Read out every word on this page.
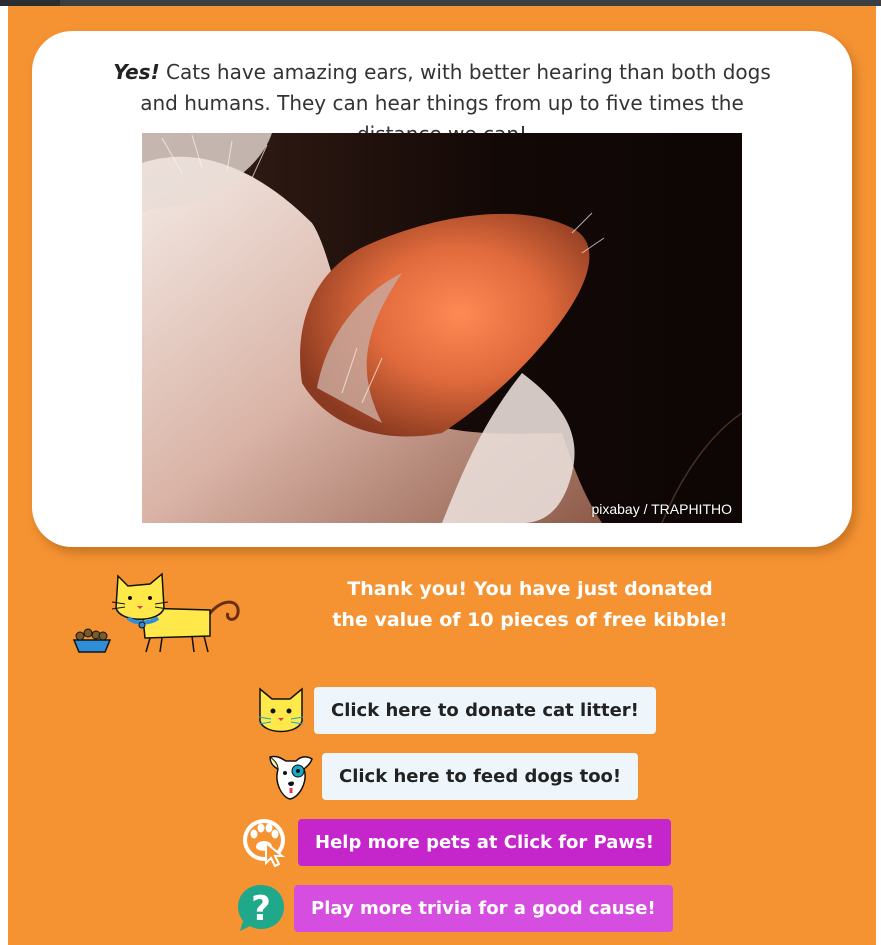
Yes! Cats have amazing ears, with better hearing than both dogs and humans. They can hear things from up to five times the
pixabay / TRAPHITHO
Thank you! You have just donated
the value of 10 pieces of free kibble!
Click here to donate cat litter!
Click here to feed dogs too!
Help more pets at Click for Paws!
?	Play more trivia for a good cause!
